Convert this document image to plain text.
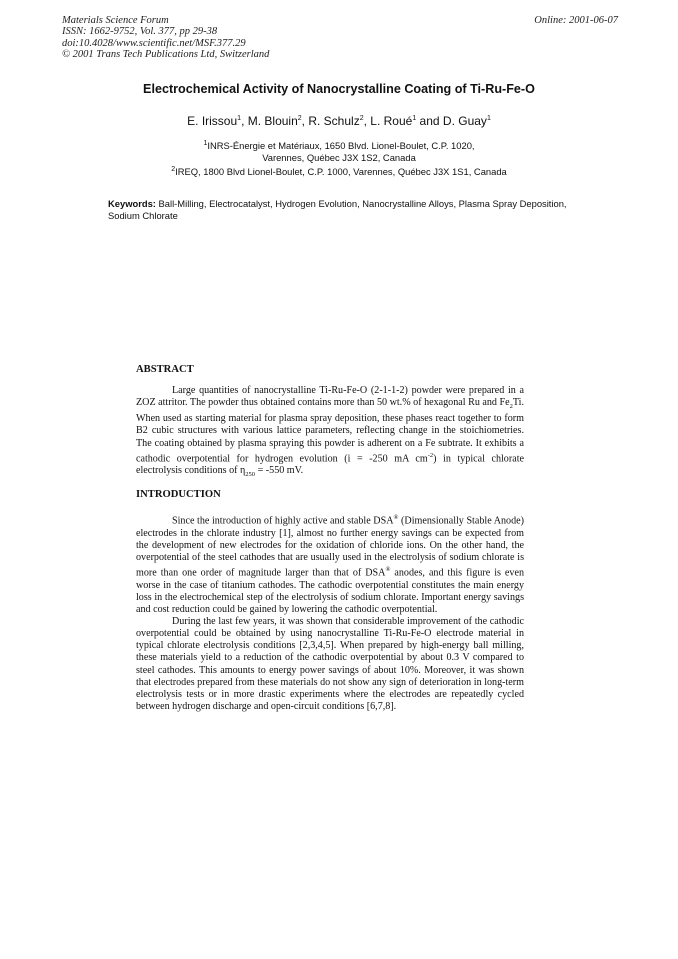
Materials Science Forum
ISSN: 1662-9752, Vol. 377, pp 29-38
doi:10.4028/www.scientific.net/MSF.377.29
© 2001 Trans Tech Publications Ltd, Switzerland
Online: 2001-06-07
Electrochemical Activity of Nanocrystalline Coating of Ti-Ru-Fe-O
E. Irissou$^1$, M. Blouin$^2$, R. Schulz$^2$, L. Roué$^1$ and D. Guay$^1$
$^1$INRS-Énergie et Matériaux, 1650 Blvd. Lionel-Boulet, C.P. 1020,
Varennes, Québec J3X 1S2, Canada
$^2$IREQ, 1800 Blvd Lionel-Boulet, C.P. 1000, Varennes, Québec J3X 1S1, Canada
Keywords: Ball-Milling, Electrocatalyst, Hydrogen Evolution, Nanocrystalline Alloys, Plasma Spray Deposition, Sodium Chlorate
ABSTRACT

Large quantities of nanocrystalline Ti-Ru-Fe-O (2-1-1-2) powder were prepared in a ZOZ attritor. The powder thus obtained contains more than 50 wt.% of hexagonal Ru and $Fe_2Ti$. When used as starting material for plasma spray deposition, these phases react together to form B2 cubic structures with various lattice parameters, reflecting change in the stoichiometries. The coating obtained by plasma spraying this powder is adherent on a Fe subtrate. It exhibits a cathodic overpotential for hydrogen evolution (i = -250 mA $cm^{-2}$) in typical chlorate electrolysis conditions of $\eta_{250} = -550$ mV.

INTRODUCTION

Since the introduction of highly active and stable DSA® (Dimensionally Stable Anode) electrodes in the chlorate industry [1], almost no further energy savings can be expected from the development of new electrodes for the oxidation of chloride ions. On the other hand, the overpotential of the steel cathodes that are usually used in the electrolysis of sodium chlorate is more than one order of magnitude larger than that of DSA® anodes, and this figure is even worse in the case of titanium cathodes. The cathodic overpotential constitutes the main energy loss in the electrochemical step of the electrolysis of sodium chlorate. Important energy savings and cost reduction could be gained by lowering the cathodic overpotential.

During the last few years, it was shown that considerable improvement of the cathodic overpotential could be obtained by using nanocrystalline Ti-Ru-Fe-O electrode material in typical chlorate electrolysis conditions [2,3,4,5]. When prepared by high-energy ball milling, these materials yield to a reduction of the cathodic overpotential by about 0.3 V compared to steel cathodes. This amounts to energy power savings of about 10%. Moreover, it was shown that electrodes prepared from these materials do not show any sign of deterioration in long-term electrolysis tests or in more drastic experiments where the electrodes are repeatedly cycled between hydrogen discharge and open-circuit conditions [6,7,8].
